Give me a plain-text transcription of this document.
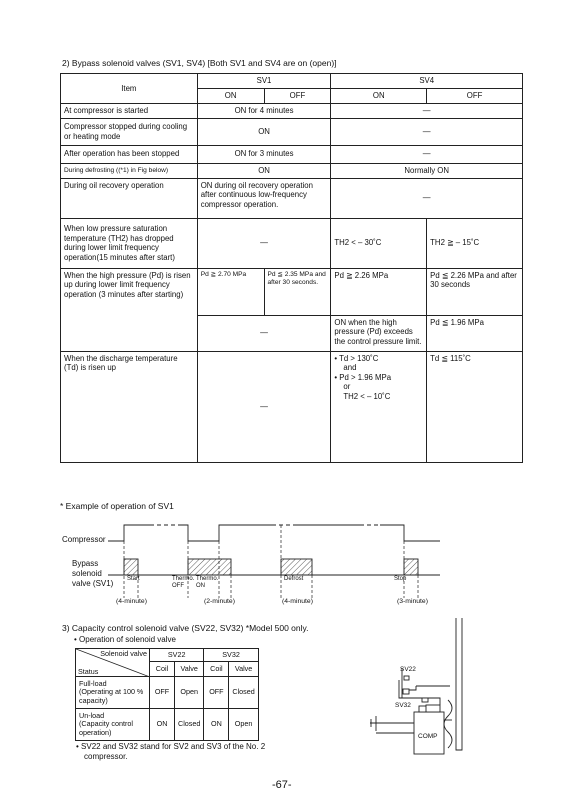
2) Bypass solenoid valves (SV1, SV4) [Both SV1 and SV4 are on (open)]
Item	SV1		SV4	
	ON	OFF	ON	OFF
At compressor is started	ON for 4 minutes		—	
Compressor stopped during cooling or heating mode	ON		—	
After operation has been stopped	ON for 3 minutes		—	
During defrosting ((*1) in Fig below)	ON		Normally ON	
During oil recovery operation	ON during oil recovery operation after continuous low-frequency compressor operation.		—	
When low pressure saturation temperature (TH2) has dropped during lower limit frequency operation(15 minutes after start)	—		TH2 < – 30˚C	TH2 ≧ – 15˚C
When the high pressure (Pd) is risen up during lower limit frequency operation (3 minutes after starting)	Pd ≧ 2.70 MPa	Pd ≦ 2.35 MPa and after 30 seconds.	Pd ≧ 2.26 MPa	Pd ≦ 2.26 MPa and after 30 seconds
	—		ON when the high pressure (Pd) exceeds the control pressure limit.	Pd ≦ 1.96 MPa
When the discharge temperature (Td) is risen up	—		• Td > 130˚C
and
• Pd > 1.96 MPa
or
TH2 < – 10˚C	Td ≦ 115˚C
* Example of operation of SV1
Compressor
Bypass
solenoid
valve (SV1) Start	Thermo.
OFF
Thermo.
ON
Defrost	Stop
(4-minute)	(2-minute)	(4-minute)	(3-minute)
3) Capacity control solenoid valve (SV22, SV32) *Model 500 only.
• Operation of solenoid valve
Solenoid valve
Status	SV22		SV32	
	Coil	Valve	Coil	Valve

Full-load
(Operating at 100 %
capacity)	OFF	Open	OFF	Closed

Un-load
(Capacity control
operation)	ON	Closed	ON	Open
• SV22 and SV32 stand for SV2 and SV3 of the No. 2
compressor.
SV22
SV32
COMP
-67-
